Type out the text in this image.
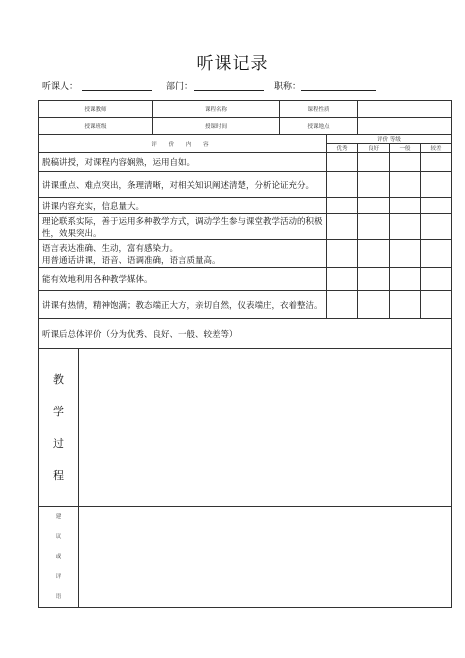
听课记录
听课人：	部门：	职称：
授课教师		课程名称	课程性质				
授课班级		授课时间	授课地点				
评 价 内 容				评价 等级			
				优秀	良好	一般	较差
脱稿讲授，对课程内容娴熟，运用自如。							
讲课重点、难点突出，条理清晰，对相关知识阐述清楚，分析论证充分。							
讲课内容充实，信息量大。							
理论联系实际，善于运用多种教学方式，调动学生参与课堂教学活动的积极性，效果突出。							
语言表达准确、生动，富有感染力。
用普通话讲课，语音、语调准确，语言质量高。							
能有效地利用各种教学媒体。							
讲课有热情，精神饱满；教态端正大方，亲切自然，仪表端庄，衣着整洁。							
听课后总体评价（分为优秀、良好、一般、较差等）							
教学过程							
建议或评语							
